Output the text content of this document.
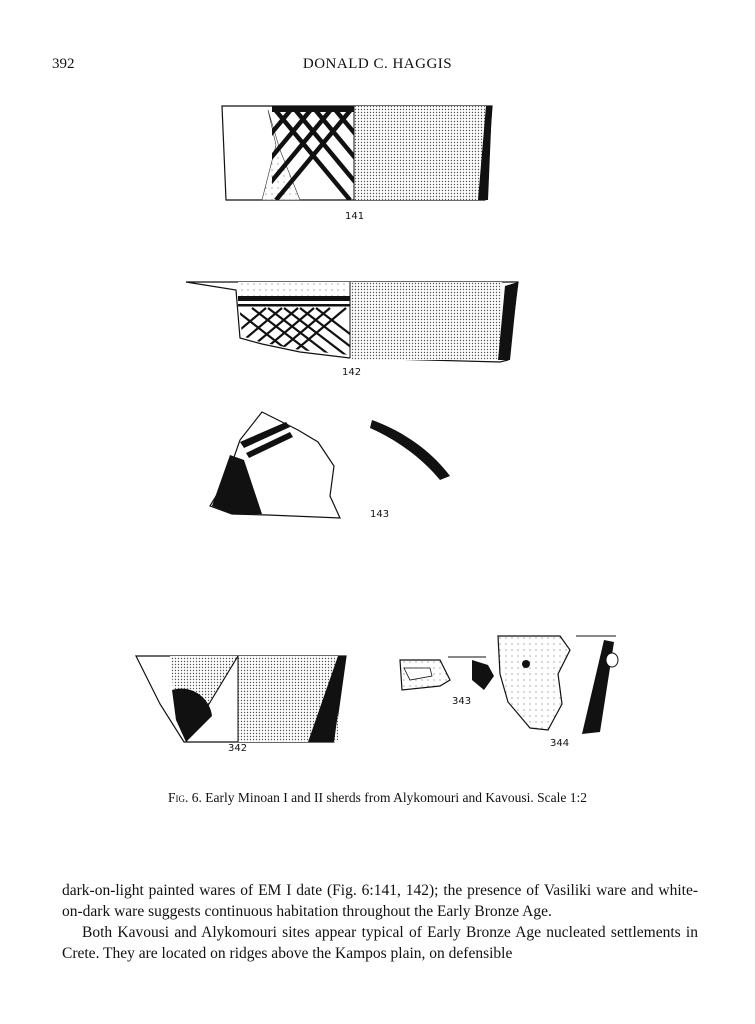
392	DONALD C. HAGGIS
141
142
143
342
343
344
Fig. 6. Early Minoan I and II sherds from Alykomouri and Kavousi. Scale 1:2

dark-on-light painted wares of EM I date (Fig. 6:141, 142); the presence of Vasiliki ware and white-on-dark ware suggests continuous habitation throughout the Early Bronze Age.

Both Kavousi and Alykomouri sites appear typical of Early Bronze Age nucleated settlements in Crete. They are located on ridges above the Kampos plain, on defensible
